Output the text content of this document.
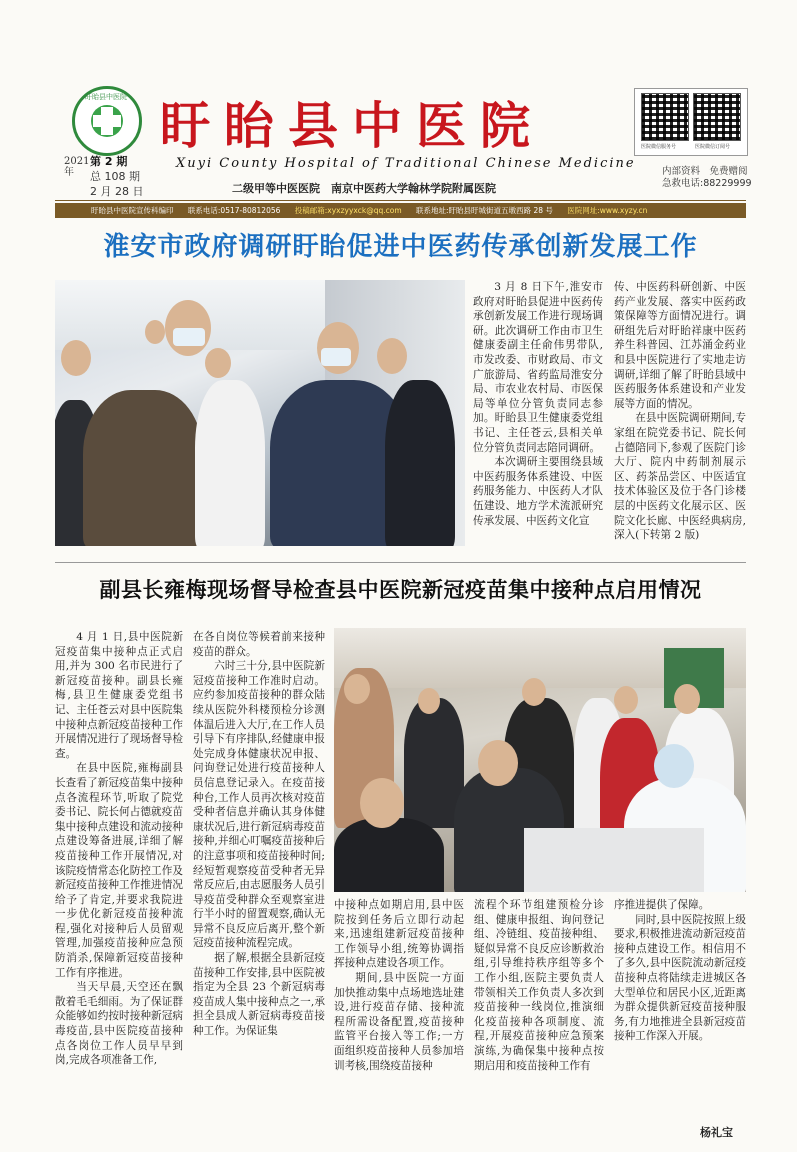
盱眙县中医院 盱眙县中医院
2021年
第 2 期
总 108 期
2 月 28 日
Xuyi County Hospital of Traditional Chinese Medicine
二级甲等中医医院　南京中医药大学翰林学院附属医院
医院微信服务号	医院微信订阅号
内部资料　免费赠阅
急救电话:88229999
盱眙县中医院宣传科编印 联系电话:0517-80812056 投稿邮箱:xyxzyyxck@qq.com 联系地址:盱眙县盱城街道五墩西路 28 号 医院网址:www.xyzy.cn
淮安市政府调研盱眙促进中医药传承创新发展工作

3 月 8 日下午,淮安市政府对盱眙县促进中医药传承创新发展工作进行现场调研。此次调研工作由市卫生健康委副主任俞伟男带队,市发改委、市财政局、市文广旅游局、省药监局淮安分局、市农业农村局、市医保局等单位分管负责同志参加。盱眙县卫生健康委党组书记、主任苍云,县相关单位分管负责同志陪同调研。

本次调研主要围绕县域中医药服务体系建设、中医药服务能力、中医药人才队伍建设、地方学术流派研究传承发展、中医药文化宣

传、中医药科研创新、中医药产业发展、落实中医药政策保障等方面情况进行。调研组先后对盱眙祥康中医药养生科普园、江苏涌金药业和县中医院进行了实地走访调研,详细了解了盱眙县域中医药服务体系建设和产业发展等方面的情况。

在县中医院调研期间,专家组在院党委书记、院长何占德陪同下,参观了医院门诊大厅、院内中药制剂展示区、药茶品尝区、中医适宜技术体验区及位于各门诊楼层的中医药文化展示区、医院文化长廊、中医经典病房,深入(下转第 2 版)

副县长雍梅现场督导检查县中医院新冠疫苗集中接种点启用情况

4 月 1 日,县中医院新冠疫苗集中接种点正式启用,并为 300 名市民进行了新冠疫苗接种。副县长雍梅,县卫生健康委党组书记、主任苍云对县中医院集中接种点新冠疫苗接种工作开展情况进行了现场督导检查。

在县中医院,雍梅副县长查看了新冠疫苗集中接种点各流程环节,听取了院党委书记、院长何占德就疫苗集中接种点建设和流动接种点建设筹备进展,详细了解疫苗接种工作开展情况,对该院疫情常态化防控工作及新冠疫苗接种工作推进情况给予了肯定,并要求我院进一步优化新冠疫苗接种流程,强化对接种后人员留观管理,加强疫苗接种应急预防消杀,保障新冠疫苗接种工作有序推进。

当天早晨,天空还在飘散着毛毛细雨。为了保证群众能够如约按时接种新冠病毒疫苗,县中医院疫苗接种点各岗位工作人员早早到岗,完成各项准备工作,

在各自岗位等候着前来接种疫苗的群众。

六时三十分,县中医院新冠疫苗接种工作准时启动。应约参加疫苗接种的群众陆续从医院外科楼预检分诊测体温后进入大厅,在工作人员引导下有序排队,经健康申报处完成身体健康状况申报、问询登记处进行疫苗接种人员信息登记录入。在疫苗接种台,工作人员再次核对疫苗受种者信息并确认其身体健康状况后,进行新冠病毒疫苗接种,并细心叮嘱疫苗接种后的注意事项和疫苗接种时间;经短暂观察疫苗受种者无异常反应后,由志愿服务人员引导疫苗受种群众至观察室进行半小时的留置观察,确认无异常不良反应后离开,整个新冠疫苗接种流程完成。

据了解,根据全县新冠疫苗接种工作安排,县中医院被指定为全县 23 个新冠病毒疫苗成人集中接种点之一,承担全县成人新冠病毒疫苗接种工作。为保证集

中接种点如期启用,县中医院按到任务后立即行动起来,迅速组建新冠疫苗接种工作领导小组,统筹协调指挥接种点建设各项工作。

期间,县中医院一方面加快推动集中点场地选址建设,进行疫苗存储、接种流程所需设备配置,疫苗接种监管平台接入等工作;一方面组织疫苗接种人员参加培训考核,围绕疫苗接种

流程个环节组建预检分诊组、健康申报组、询问登记组、冷链组、疫苗接种组、疑似异常不良反应诊断救治组,引导维持秩序组等多个工作小组,医院主要负责人带领相关工作负责人多次到疫苗接种一线岗位,推演细化疫苗接种各项制度、流程,开展疫苗接种应急预案演练,为确保集中接种点按期启用和疫苗接种工作有

序推进提供了保障。

同时,县中医院按照上级要求,积极推进流动新冠疫苗接种点建设工作。相信用不了多久,县中医院流动新冠疫苗接种点将陆续走进城区各大型单位和居民小区,近距离为群众提供新冠疫苗接种服务,有力地推进全县新冠疫苗接种工作深入开展。

杨礼宝
